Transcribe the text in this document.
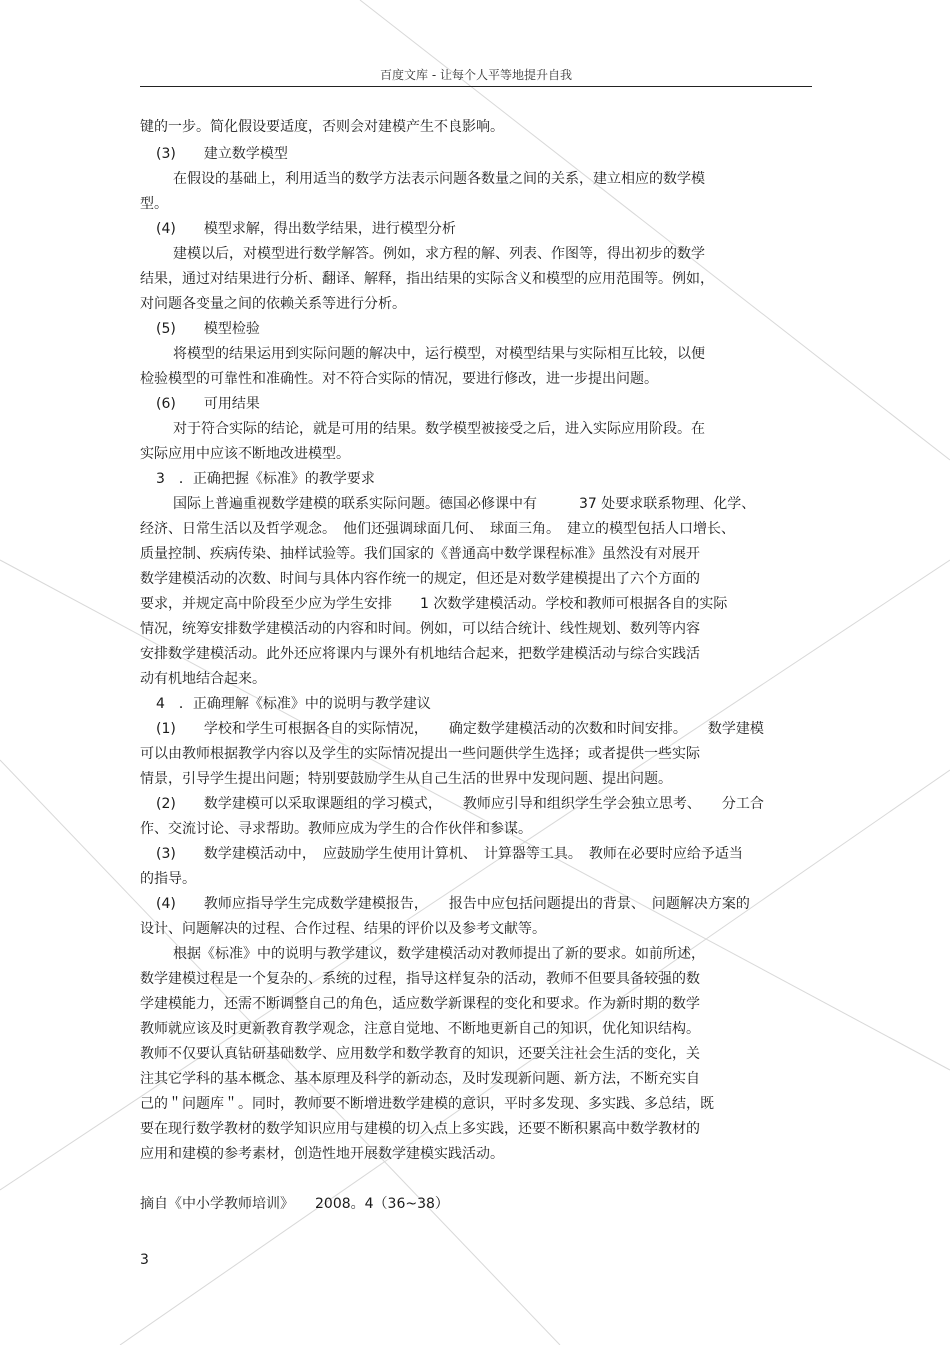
百度文库 - 让每个人平等地提升自我
键的一步。简化假设要适度，否则会对建模产生不良影响。
(3)　　建立数学模型
在假设的基础上，利用适当的数学方法表示问题各数量之间的关系，建立相应的数学模
型。
(4)　　模型求解，得出数学结果，进行模型分析
建模以后，对模型进行数学解答。例如，求方程的解、列表、作图等，得出初步的数学
结果，通过对结果进行分析、翻译、解释，指出结果的实际含义和模型的应用范围等。例如，
对问题各变量之间的依赖关系等进行分析。
(5)　　模型检验
将模型的结果运用到实际问题的解决中，运行模型，对模型结果与实际相互比较，以便
检验模型的可靠性和准确性。对不符合实际的情况，要进行修改，进一步提出问题。
(6)　　可用结果
对于符合实际的结论，就是可用的结果。数学模型被接受之后，进入实际应用阶段。在
实际应用中应该不断地改进模型。
3　．正确把握《标准》的教学要求
国际上普遍重视数学建模的联系实际问题。德国必修课中有　　　37 处要求联系物理、化学、
经济、日常生活以及哲学观念。　他们还强调球面几何、　球面三角。　建立的模型包括人口增长、
质量控制、疾病传染、抽样试验等。我们国家的《普通高中数学课程标准》虽然没有对展开
数学建模活动的次数、时间与具体内容作统一的规定，但还是对数学建模提出了六个方面的
要求，并规定高中阶段至少应为学生安排　　1 次数学建模活动。学校和教师可根据各自的实际
情况，统筹安排数学建模活动的内容和时间。例如，可以结合统计、线性规划、数列等内容
安排数学建模活动。此外还应将课内与课外有机地结合起来，把数学建模活动与综合实践活
动有机地结合起来。
4　．正确理解《标准》中的说明与教学建议
(1)　　学校和学生可根据各自的实际情况，　　确定数学建模活动的次数和时间安排。　　数学建模
可以由教师根据教学内容以及学生的实际情况提出一些问题供学生选择；或者提供一些实际
情景，引导学生提出问题；特别要鼓励学生从自己生活的世界中发现问题、提出问题。
(2)　　数学建模可以采取课题组的学习模式，　　教师应引导和组织学生学会独立思考、　　分工合
作、交流讨论、寻求帮助。教师应成为学生的合作伙伴和参谋。
(3)　　数学建模活动中，　应鼓励学生使用计算机、　计算器等工具。　教师在必要时应给予适当
的指导。
(4)　　教师应指导学生完成数学建模报告，　　报告中应包括问题提出的背景、　问题解决方案的
设计、问题解决的过程、合作过程、结果的评价以及参考文献等。
根据《标准》中的说明与教学建议，数学建模活动对教师提出了新的要求。如前所述，
数学建模过程是一个复杂的、系统的过程，指导这样复杂的活动，教师不但要具备较强的数
学建模能力，还需不断调整自己的角色，适应数学新课程的变化和要求。作为新时期的数学
教师就应该及时更新教育教学观念，注意自觉地、不断地更新自己的知识，优化知识结构。
教师不仅要认真钻研基础数学、应用数学和数学教育的知识，还要关注社会生活的变化，关
注其它学科的基本概念、基本原理及科学的新动态，及时发现新问题、新方法，不断充实自
己的＂问题库＂。同时，教师要不断增进数学建模的意识，平时多发现、多实践、多总结，既
要在现行数学教材的数学知识应用与建模的切入点上多实践，还要不断积累高中数学教材的
应用和建模的参考素材，创造性地开展数学建模实践活动。
摘自《中小学教师培训》　　2008。4（36~38）
3
